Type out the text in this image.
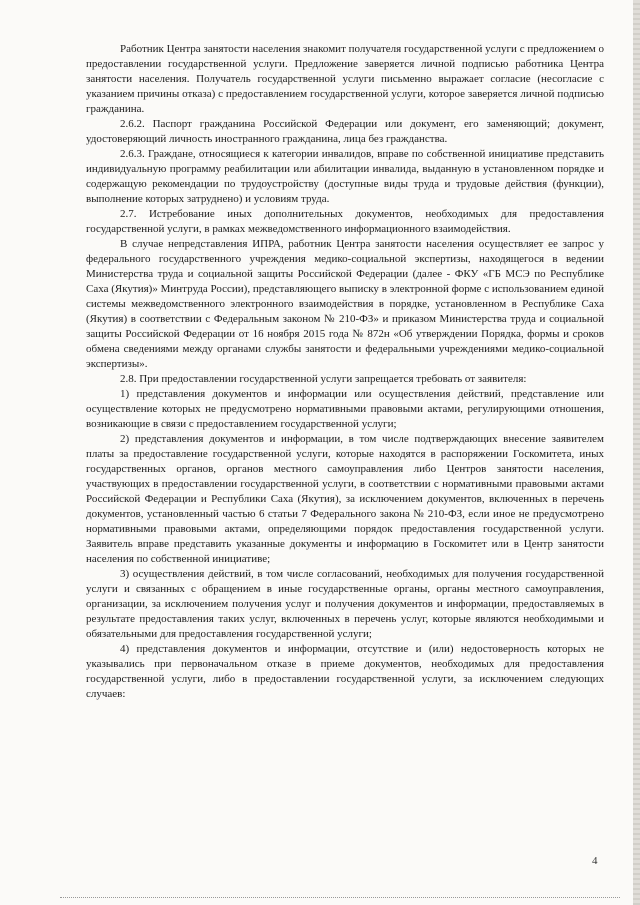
Работник Центра занятости населения знакомит получателя государственной услуги с предложением о предоставлении государственной услуги. Предложение заверяется личной подписью работника Центра занятости населения. Получатель государственной услуги письменно выражает согласие (несогласие с указанием причины отказа) с предоставлением государственной услуги, которое заверяется личной подписью гражданина.

2.6.2. Паспорт гражданина Российской Федерации или документ, его заменяющий; документ, удостоверяющий личность иностранного гражданина, лица без гражданства.

2.6.3. Граждане, относящиеся к категории инвалидов, вправе по собственной инициативе представить индивидуальную программу реабилитации или абилитации инвалида, выданную в установленном порядке и содержащую рекомендации по трудоустройству (доступные виды труда и трудовые действия (функции), выполнение которых затруднено) и условиям труда.

2.7. Истребование иных дополнительных документов, необходимых для предоставления государственной услуги, в рамках межведомственного информационного взаимодействия.

В случае непредставления ИПРА, работник Центра занятости населения осуществляет ее запрос у федерального государственного учреждения медико-социальной экспертизы, находящегося в ведении Министерства труда и социальной защиты Российской Федерации (далее - ФКУ «ГБ МСЭ по Республике Саха (Якутия)» Минтруда России), представляющего выписку в электронной форме с использованием единой системы межведомственного электронного взаимодействия в порядке, установленном в Республике Саха (Якутия) в соответствии с Федеральным законом № 210-ФЗ» и приказом Министерства труда и социальной защиты Российской Федерации от 16 ноября 2015 года № 872н «Об утверждении Порядка, формы и сроков обмена сведениями между органами службы занятости и федеральными учреждениями медико-социальной экспертизы».

2.8. При предоставлении государственной услуги запрещается требовать от заявителя:

1) представления документов и информации или осуществления действий, представление или осуществление которых не предусмотрено нормативными правовыми актами, регулирующими отношения, возникающие в связи с предоставлением государственной услуги;

2) представления документов и информации, в том числе подтверждающих внесение заявителем платы за предоставление государственной услуги, которые находятся в распоряжении Госкомитета, иных государственных органов, органов местного самоуправления либо Центров занятости населения, участвующих в предоставлении государственной услуги, в соответствии с нормативными правовыми актами Российской Федерации и Республики Саха (Якутия), за исключением документов, включенных в перечень документов, установленный частью 6 статьи 7 Федерального закона № 210-ФЗ, если иное не предусмотрено нормативными правовыми актами, определяющими порядок предоставления государственной услуги. Заявитель вправе представить указанные документы и информацию в Госкомитет или в Центр занятости населения по собственной инициативе;

3) осуществления действий, в том числе согласований, необходимых для получения государственной услуги и связанных с обращением в иные государственные органы, органы местного самоуправления, организации, за исключением получения услуг и получения документов и информации, предоставляемых в результате предоставления таких услуг, включенных в перечень услуг, которые являются необходимыми и обязательными для предоставления государственной услуги;

4) представления документов и информации, отсутствие и (или) недостоверность которых не указывались при первоначальном отказе в приеме документов, необходимых для предоставления государственной услуги, либо в предоставлении государственной услуги, за исключением следующих случаев:

4
